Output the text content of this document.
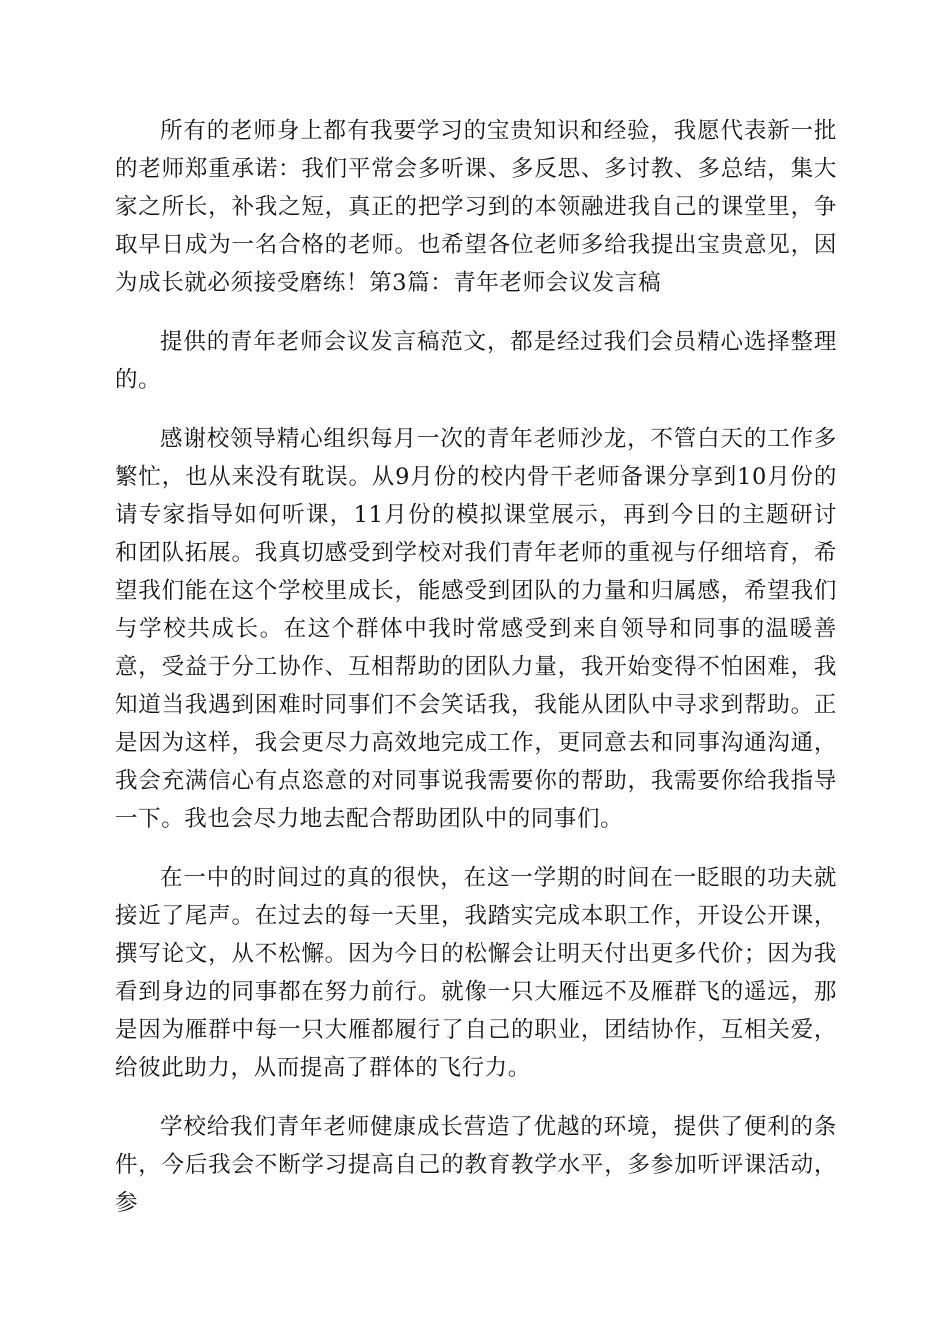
所有的老师身上都有我要学习的宝贵知识和经验，我愿代表新一批的老师郑重承诺：我们平常会多听课、多反思、多讨教、多总结，集大家之所长，补我之短，真正的把学习到的本领融进我自己的课堂里，争取早日成为一名合格的老师。也希望各位老师多给我提出宝贵意见，因为成长就必须接受磨练！第3篇：青年老师会议发言稿

提供的青年老师会议发言稿范文，都是经过我们会员精心选择整理的。

感谢校领导精心组织每月一次的青年老师沙龙，不管白天的工作多繁忙，也从来没有耽误。从9月份的校内骨干老师备课分享到10月份的请专家指导如何听课，11月份的模拟课堂展示，再到今日的主题研讨和团队拓展。我真切感受到学校对我们青年老师的重视与仔细培育，希望我们能在这个学校里成长，能感受到团队的力量和归属感，希望我们与学校共成长。在这个群体中我时常感受到来自领导和同事的温暖善意，受益于分工协作、互相帮助的团队力量，我开始变得不怕困难，我知道当我遇到困难时同事们不会笑话我，我能从团队中寻求到帮助。正是因为这样，我会更尽力高效地完成工作，更同意去和同事沟通沟通，我会充满信心有点恣意的对同事说我需要你的帮助，我需要你给我指导一下。我也会尽力地去配合帮助团队中的同事们。

在一中的时间过的真的很快，在这一学期的时间在一眨眼的功夫就接近了尾声。在过去的每一天里，我踏实完成本职工作，开设公开课，撰写论文，从不松懈。因为今日的松懈会让明天付出更多代价；因为我看到身边的同事都在努力前行。就像一只大雁远不及雁群飞的遥远，那是因为雁群中每一只大雁都履行了自己的职业，团结协作，互相关爱，给彼此助力，从而提高了群体的飞行力。

学校给我们青年老师健康成长营造了优越的环境，提供了便利的条件，今后我会不断学习提高自己的教育教学水平，多参加听评课活动，参
